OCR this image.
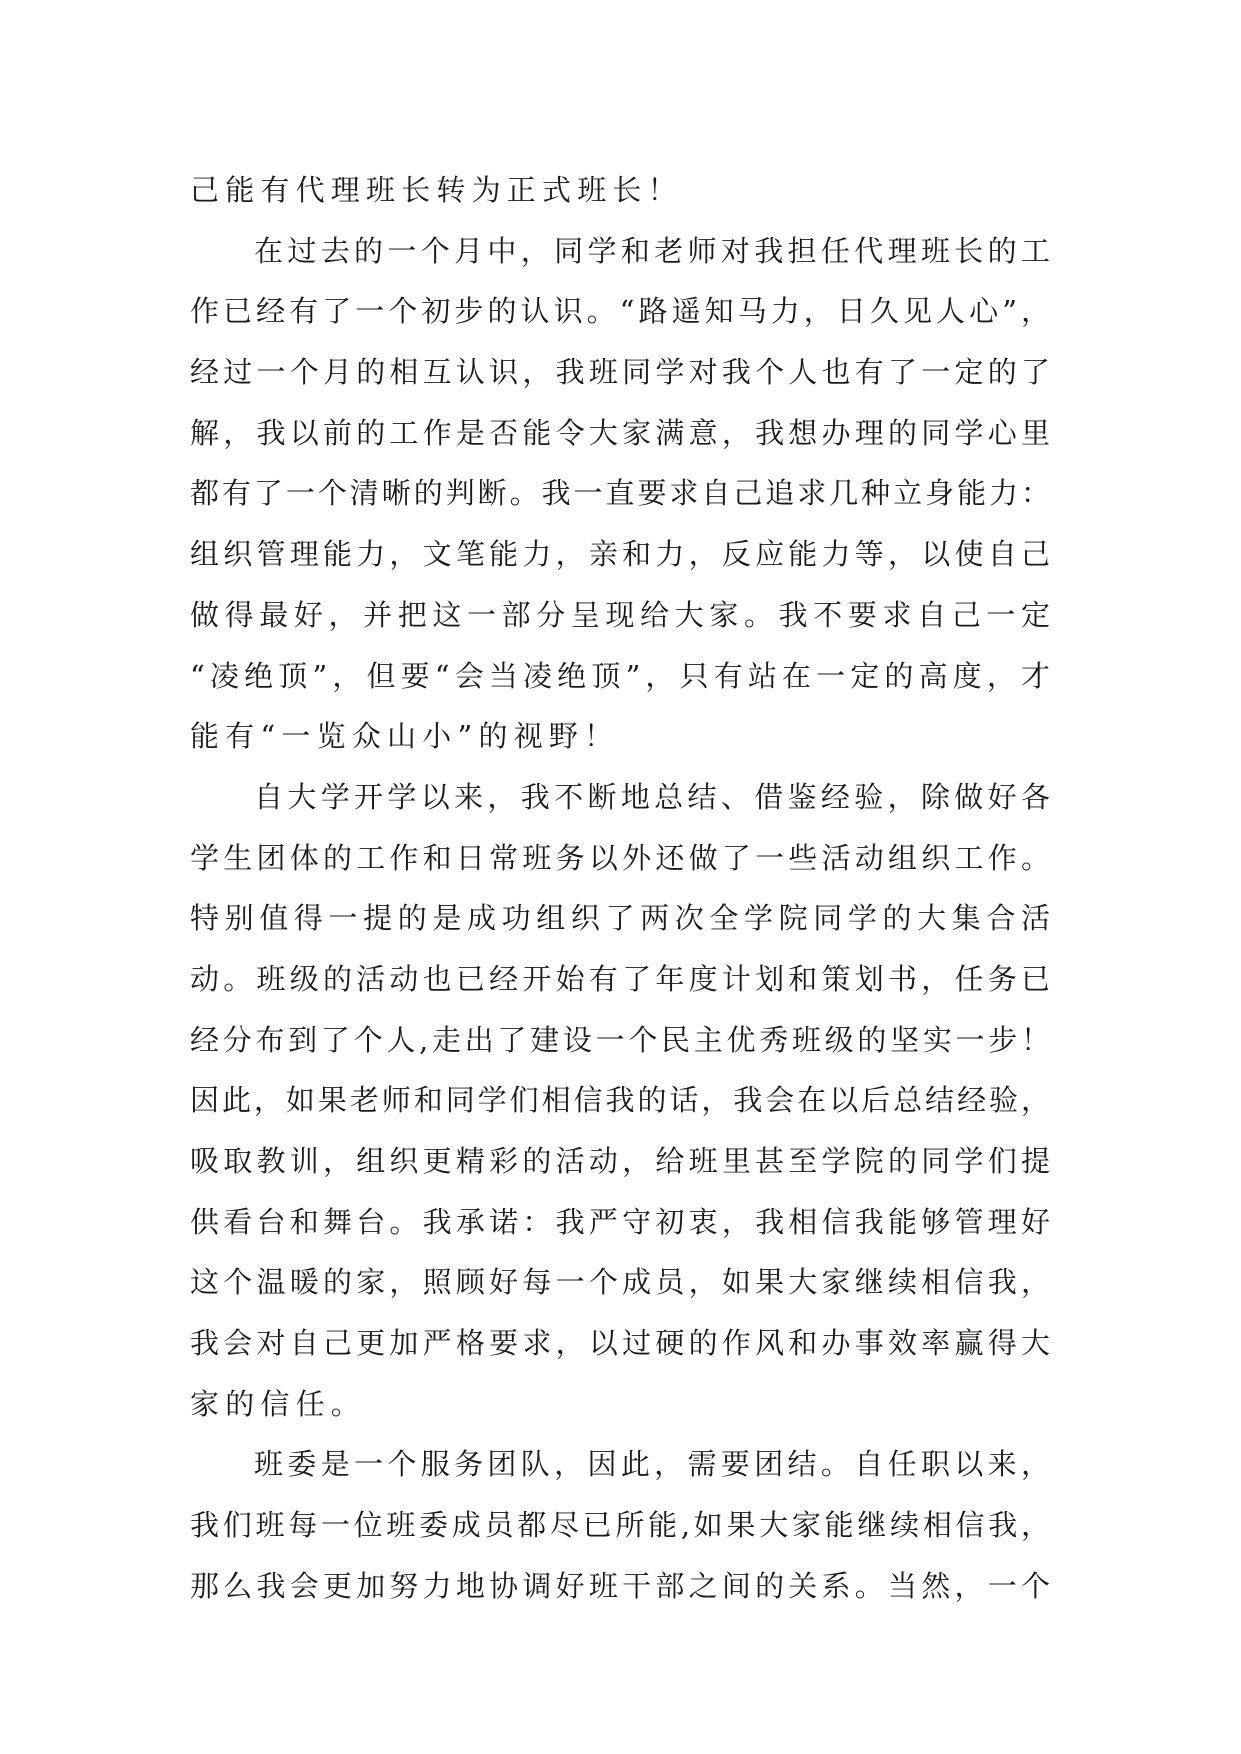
己能有代理班长转为正式班长！
在过去的一个月中，同学和老师对我担任代理班长的工
作已经有了一个初步的认识。“路遥知马力，日久见人心”，
经过一个月的相互认识，我班同学对我个人也有了一定的了
解，我以前的工作是否能令大家满意，我想办理的同学心里
都有了一个清晰的判断。我一直要求自己追求几种立身能力：
组织管理能力，文笔能力，亲和力，反应能力等，以使自己
做得最好，并把这一部分呈现给大家。我不要求自己一定
“凌绝顶”，但要“会当凌绝顶”，只有站在一定的高度，才
能有“一览众山小”的视野！
自大学开学以来，我不断地总结、借鉴经验，除做好各
学生团体的工作和日常班务以外还做了一些活动组织工作。
特别值得一提的是成功组织了两次全学院同学的大集合活
动。班级的活动也已经开始有了年度计划和策划书，任务已
经分布到了个人,走出了建设一个民主优秀班级的坚实一步！
因此，如果老师和同学们相信我的话，我会在以后总结经验，
吸取教训，组织更精彩的活动，给班里甚至学院的同学们提
供看台和舞台。我承诺：我严守初衷，我相信我能够管理好
这个温暖的家，照顾好每一个成员，如果大家继续相信我，
我会对自己更加严格要求，以过硬的作风和办事效率赢得大
家的信任。
班委是一个服务团队，因此，需要团结。自任职以来，
我们班每一位班委成员都尽已所能,如果大家能继续相信我，
那么我会更加努力地协调好班干部之间的关系。当然，一个
